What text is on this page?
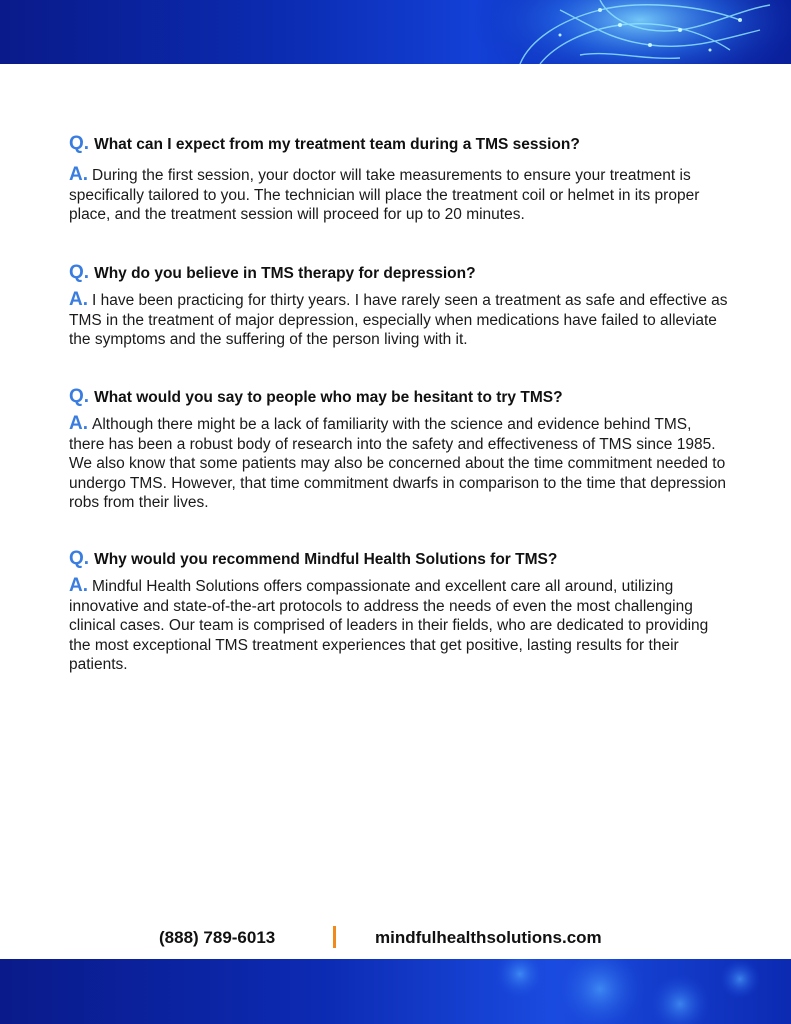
Q. What can I expect from my treatment team during a TMS session?
A. During the first session, your doctor will take measurements to ensure your treatment is specifically tailored to you. The technician will place the treatment coil or helmet in its proper place, and the treatment session will proceed for up to 20 minutes.
Q. Why do you believe in TMS therapy for depression?
A. I have been practicing for thirty years. I have rarely seen a treatment as safe and effective as TMS in the treatment of major depression, especially when medications have failed to alleviate the symptoms and the suffering of the person living with it.
Q. What would you say to people who may be hesitant to try TMS?
A. Although there might be a lack of familiarity with the science and evidence behind TMS, there has been a robust body of research into the safety and effectiveness of TMS since 1985. We also know that some patients may also be concerned about the time commitment needed to undergo TMS. However, that time commitment dwarfs in comparison to the time that depression robs from their lives.
Q. Why would you recommend Mindful Health Solutions for TMS?
A. Mindful Health Solutions offers compassionate and excellent care all around, utilizing innovative and state-of-the-art protocols to address the needs of even the most challenging clinical cases. Our team is comprised of leaders in their fields, who are dedicated to providing the most exceptional TMS treatment experiences that get positive, lasting results for their patients.
(888) 789-6013	mindfulhealthsolutions.com
